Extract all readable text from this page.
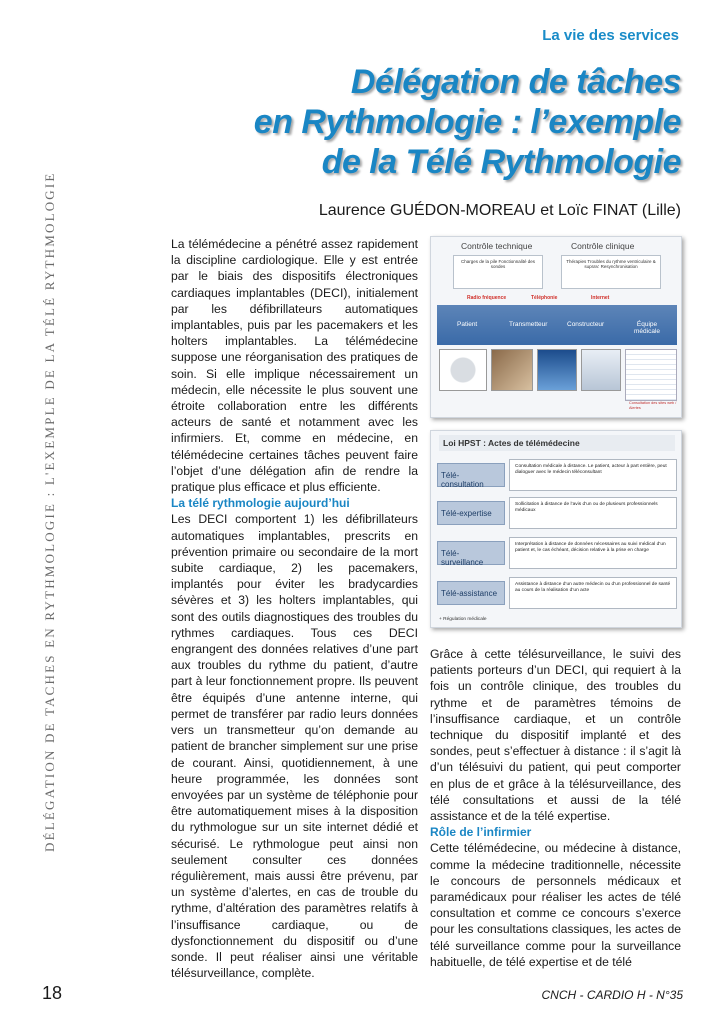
La vie des services
Délégation de tâches
en Rythmologie : l’exemple
de la Télé Rythmologie
Laurence GUÉDON-MOREAU et Loïc FINAT (Lille)
DÉLÉGATION DE TACHES EN RYTHMOLOGIE : L'EXEMPLE DE LA TÉLÉ RYTHMOLOGIE	La télémédecine a pénétré assez rapidement la discipline cardiologique. Elle y est entrée par le biais des dispositifs électroniques cardiaques implantables (DECI), initialement par les défibrillateurs automatiques implantables, puis par les pacemakers et les holters implantables. La télémédecine suppose une réorganisation des pratiques de soin. Si elle implique nécessairement un médecin, elle nécessite le plus souvent une étroite collaboration entre les différents acteurs de santé et notamment avec les infirmiers. Et, comme en médecine, en télémédecine certaines tâches peuvent faire l’objet d’une délégation afin de rendre la pratique plus efficace et plus efficiente.

La télé rythmologie aujourd’hui

Les DECI comportent 1) les défibrillateurs automatiques implantables, prescrits en prévention primaire ou secondaire de la mort subite cardiaque, 2) les pacemakers, implantés pour éviter les bradycardies sévères et 3) les holters implantables, qui sont des outils diagnostiques des troubles du rythmes cardiaques. Tous ces DECI engrangent des données relatives d’une part aux troubles du rythme du patient, d’autre part à leur fonctionnement propre. Ils peuvent être équipés d’une antenne interne, qui permet de transférer par radio leurs données vers un transmetteur qu’on demande au patient de brancher simplement sur une prise de courant. Ainsi, quotidiennement, à une heure programmée, les données sont envoyées par un système de téléphonie pour être automatiquement mises à la disposition du rythmologue sur un site internet dédié et sécurisé. Le rythmologue peut ainsi non seulement consulter ces données régulièrement, mais aussi être prévenu, par un système d’alertes, en cas de trouble du rythme, d’altération des paramètres relatifs à l’insuffisance cardiaque, ou de dysfonctionnement du dispositif ou d’une sonde. Il peut réaliser ainsi une véritable télésurveillance, complète.

Contrôle technique	Contrôle clinique
Charges de la pile Fonctionnalité des sondes
Thérapies Troubles du rythme ventriculaire & supraV. Resynchronisation
Radio fréquence	Téléphonie	Internet
Patient	Transmetteur	Constructeur	Équipe médicale
Consultation des sites web / Alertes
Loi HPST : Actes de télémédecine
Télé-consultation
Consultation médicale à distance. Le patient, acteur à part entière, peut dialoguer avec le médecin téléconsultant
Télé-expertise
Sollicitation à distance de l’avis d’un ou de plusieurs professionnels médicaux
Télé-surveillance
Interprétation à distance de données nécessaires au suivi médical d’un patient et, le cas échéant, décision relative à la prise en charge
Télé-assistance
Assistance à distance d’un autre médecin ou d’un professionnel de santé au cours de la réalisation d’un acte
+ Régulation médicale

Grâce à cette télésurveillance, le suivi des patients porteurs d’un DECI, qui requiert à la fois un contrôle clinique, des troubles du rythme et de paramètres témoins de l’insuffisance cardiaque, et un contrôle technique du dispositif implanté et des sondes, peut s’effectuer à distance : il s’agit là d’un télésuivi du patient, qui peut comporter en plus de et grâce à la télésurveillance, des télé consultations et aussi de la télé assistance et de la télé expertise.

Rôle de l’infirmier

Cette télémédecine, ou médecine à distance, comme la médecine traditionnelle, nécessite le concours de personnels médicaux et paramédicaux pour réaliser les actes de télé consultation et comme ce concours s’exerce pour les consultations classiques, les actes de télé surveillance comme pour la surveillance habituelle, de télé expertise et de télé

18	CNCH - CARDIO H - N°35
